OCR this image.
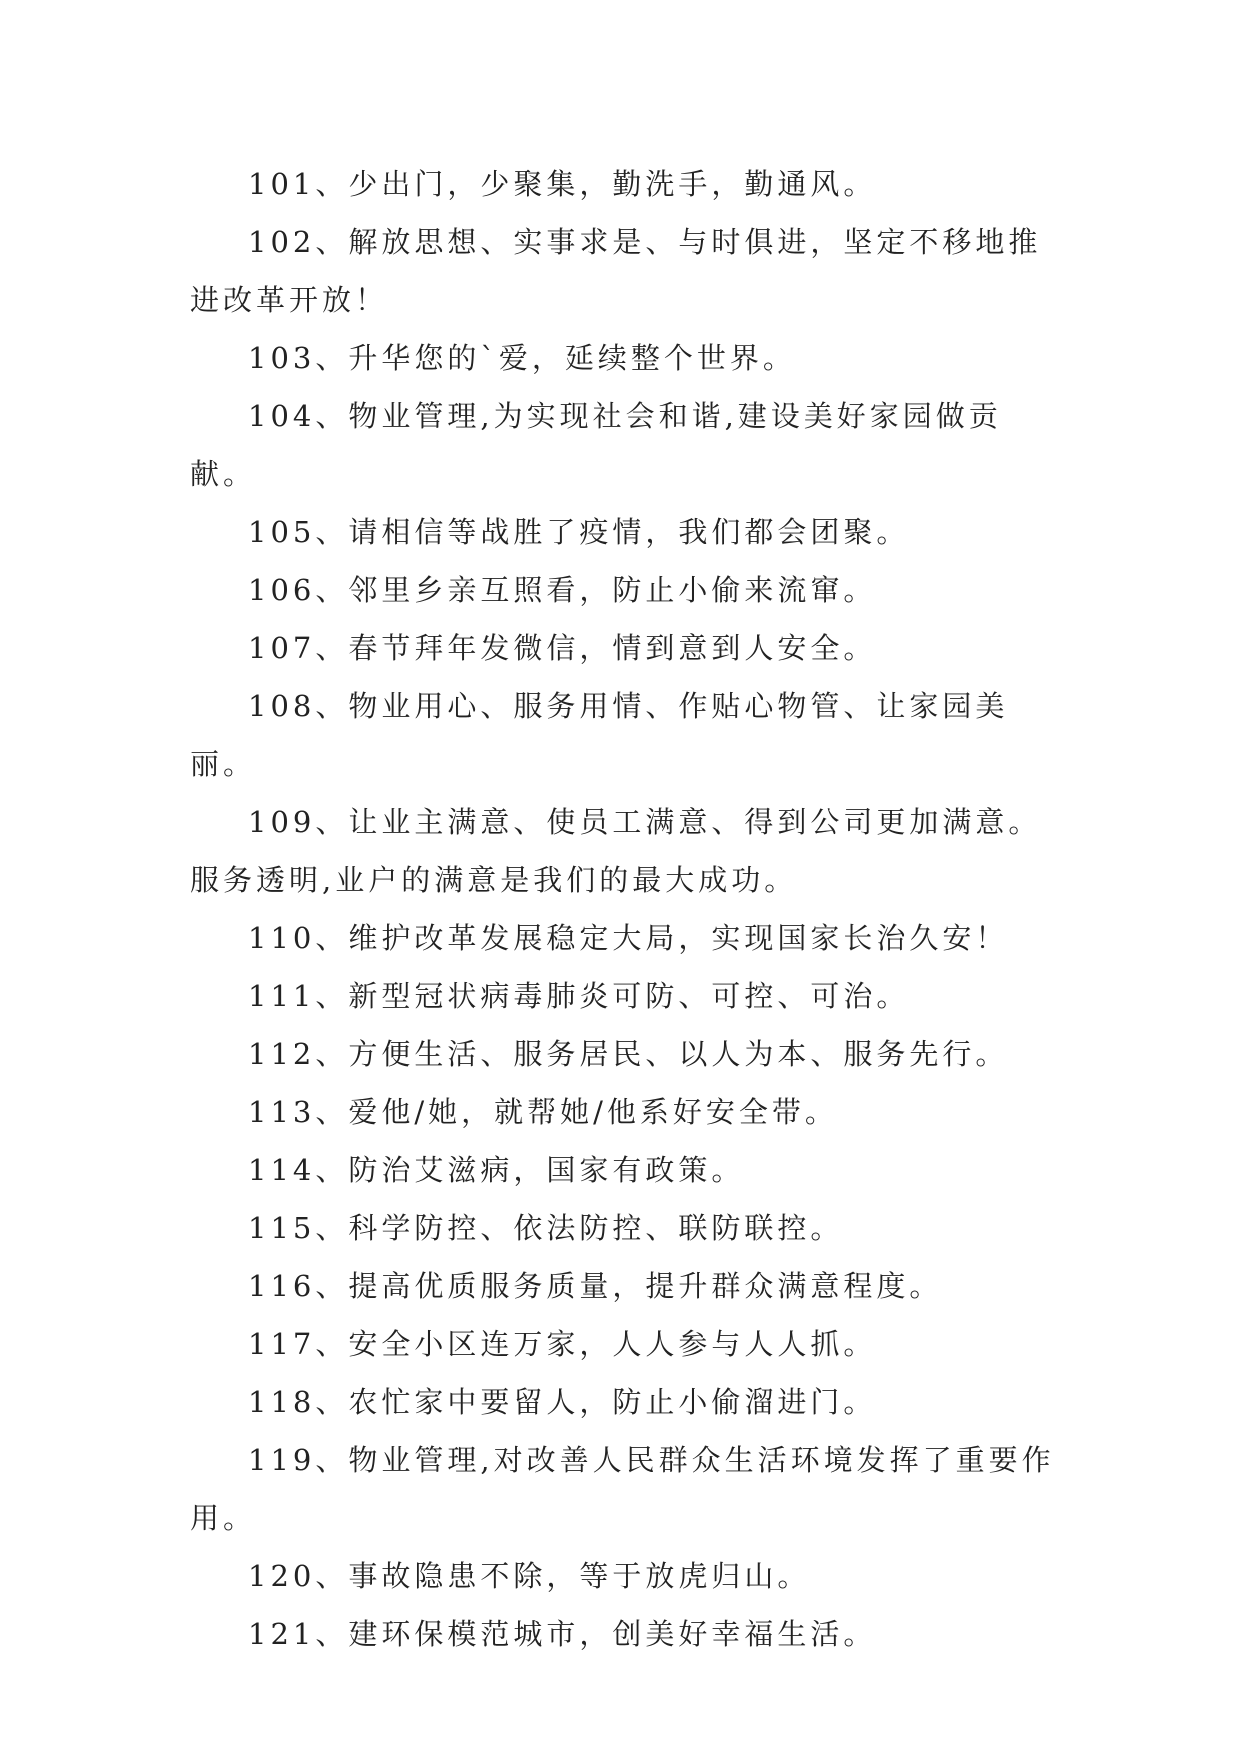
101、少出门，少聚集，勤洗手，勤通风。

102、解放思想、实事求是、与时俱进，坚定不移地推进改革开放！

103、升华您的`爱，延续整个世界。

104、物业管理,为实现社会和谐,建设美好家园做贡献。

105、请相信等战胜了疫情，我们都会团聚。

106、邻里乡亲互照看，防止小偷来流窜。

107、春节拜年发微信，情到意到人安全。

108、物业用心、服务用情、作贴心物管、让家园美丽。

109、让业主满意、使员工满意、得到公司更加满意。服务透明,业户的满意是我们的最大成功。

110、维护改革发展稳定大局，实现国家长治久安！

111、新型冠状病毒肺炎可防、可控、可治。

112、方便生活、服务居民、以人为本、服务先行。

113、爱他/她，就帮她/他系好安全带。

114、防治艾滋病，国家有政策。

115、科学防控、依法防控、联防联控。

116、提高优质服务质量，提升群众满意程度。

117、安全小区连万家，人人参与人人抓。

118、农忙家中要留人，防止小偷溜进门。

119、物业管理,对改善人民群众生活环境发挥了重要作用。

120、事故隐患不除，等于放虎归山。

121、建环保模范城市，创美好幸福生活。
